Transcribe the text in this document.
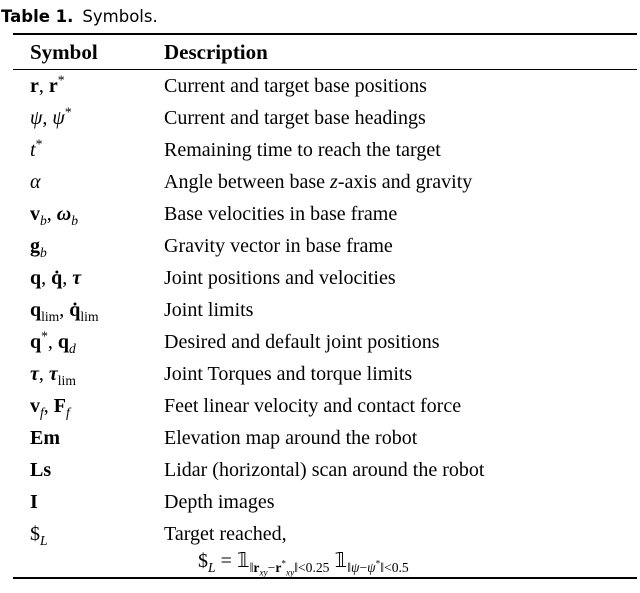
Table 1. Symbols.
Symbol	Description
r, r*	Current and target base positions
ψ, ψ*	Current and target base headings
t*	Remaining time to reach the target
α	Angle between base z-axis and gravity
$v_b$, $\omega_b$	Base velocities in base frame
$g_b$	Gravity vector in base frame
q, q̇, τ	Joint positions and velocities
$q_{lim}$, $q̇_{lim}$	Joint limits
q*, $q_d$	Desired and default joint positions
τ, $\tau_{lim}$	Joint Torques and torque limits
$v_f$, $F_f$	Feet linear velocity and contact force
Em	Elevation map around the robot
Ls	Lidar (horizontal) scan around the robot
I	Depth images
$\$_L$	Target reached,
$\$_L$ = $𝟙_{‖r_{xy}-r^*_{xy}‖<0.25}$ $𝟙_{‖\psi-\psi^*‖<0.5}$
